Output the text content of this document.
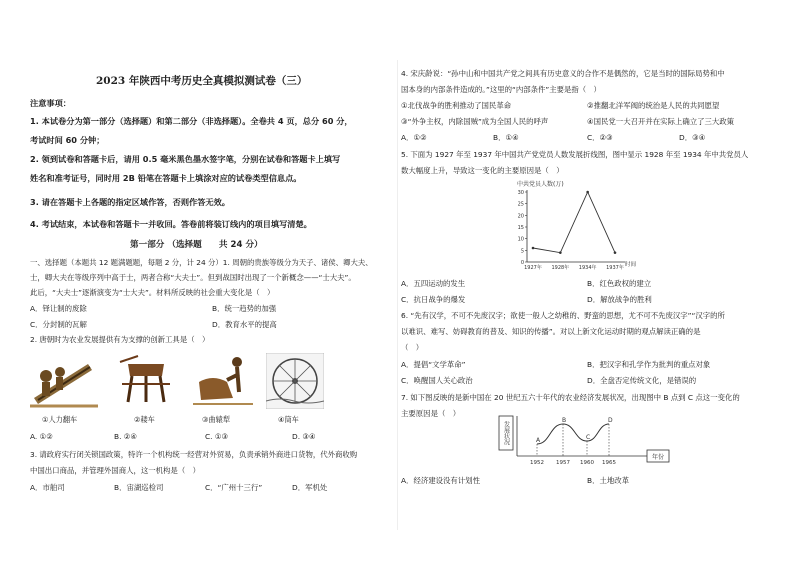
2023 年陕西中考历史全真模拟测试卷（三）
注意事项：
1. 本试卷分为第一部分（选择题）和第二部分（非选择题）。全卷共 4 页，总分 60 分，
考试时间 60 分钟；
2. 领到试卷和答题卡后，请用 0.5 毫米黑色墨水签字笔，分别在试卷和答题卡上填写
姓名和准考证号，同时用 2B 铅笔在答题卡上填涂对应的试卷类型信息点。
3. 请在答题卡上各题的指定区域作答，否则作答无效。
4. 考试结束，本试卷和答题卡一并收回。答卷前将装订线内的项目填写清楚。
第一部分 （选择题　　共 24 分）
一、选择题（本题共 12 题满题题，每题 2 分，计 24 分）1. 周朝的贵族等级分为天子、诸侯、卿大夫、
士，卿大夫在等级序列中高于士，两者合称“大夫士”。但到战国时出现了一个新概念——“士大夫”。
此后，“大夫士”逐渐演变为“士大夫”。材料所反映的社会重大变化是（　）
A．铎让制的废除	B．统一趋势的加强
C．分封制的瓦解	D．教育水平的提高
2. 唐朝时为农业发展提供有为支撑的创新工具是（　）
①人力翻车	②耧车	③曲辕犁	④筒车
A. ①②	B. ②④	C. ①③	D. ③④
3. 请政府实行闭关锁国政策，特许一个机构统一经营对外贸易，负责承销外商进口货物，代外商收购
中国出口商品，并管理外国商人，这一机构是（　）
A．市舶司	B．宙湖巡检司	C．“广州十三行”	D．军机处
4. 宋庆龄说：“孙中山和中国共产党之间具有历史意义的合作不是偶然的，它是当时的国际局势和中
国本身的内部条件造成的。”这里的“内部条件”主要是指（　）
①北伐战争的胜利推动了国民革命	②推翻北洋军阀的统治是人民的共同愿望
③“外争主权，内除国贼”成为全国人民的呼声	④国民党一大召开并在实际上确立了三大政策
A．①②	B．①④	C．②③	D．③④
5. 下面为 1927 年至 1937 年中国共产党党员人数发展折线图，图中显示 1928 年至 1934 年中共党员人
数大幅度上升，导致这一变化的主要原因是（　）
中共党员人数(万)
时间
0
5
10
15
20
25
30
1927年 1928年 1934年 1937年
A．五四运动的发生	B．红色政权的建立
C．抗日战争的爆发	D．解放战争的胜利
6. “先有汉学，不可不先废汉字；欲使一般人之幼稚的、野蛮的思想，尤不可不先废汉字”“汉字的所
以难识、难写、妨碍教育的普及、知识的传播”。对以上新文化运动时期的观点解读正确的是
（　）
A．提倡“文学革命”	B．把汉字和孔学作为批判的重点对象
C．唤醒国人关心政治	D．全盘否定传统文化，是错误的
7. 如下图反映的是新中国在 20 世纪五六十年代的农业经济发展状况，出现图中 B 点到 C 点这一变化的
主要原因是（　）
发展状况
年份
A
1952
B
1957
C
1960
D
1965
A．经济建设没有计划性	B．土地改革
